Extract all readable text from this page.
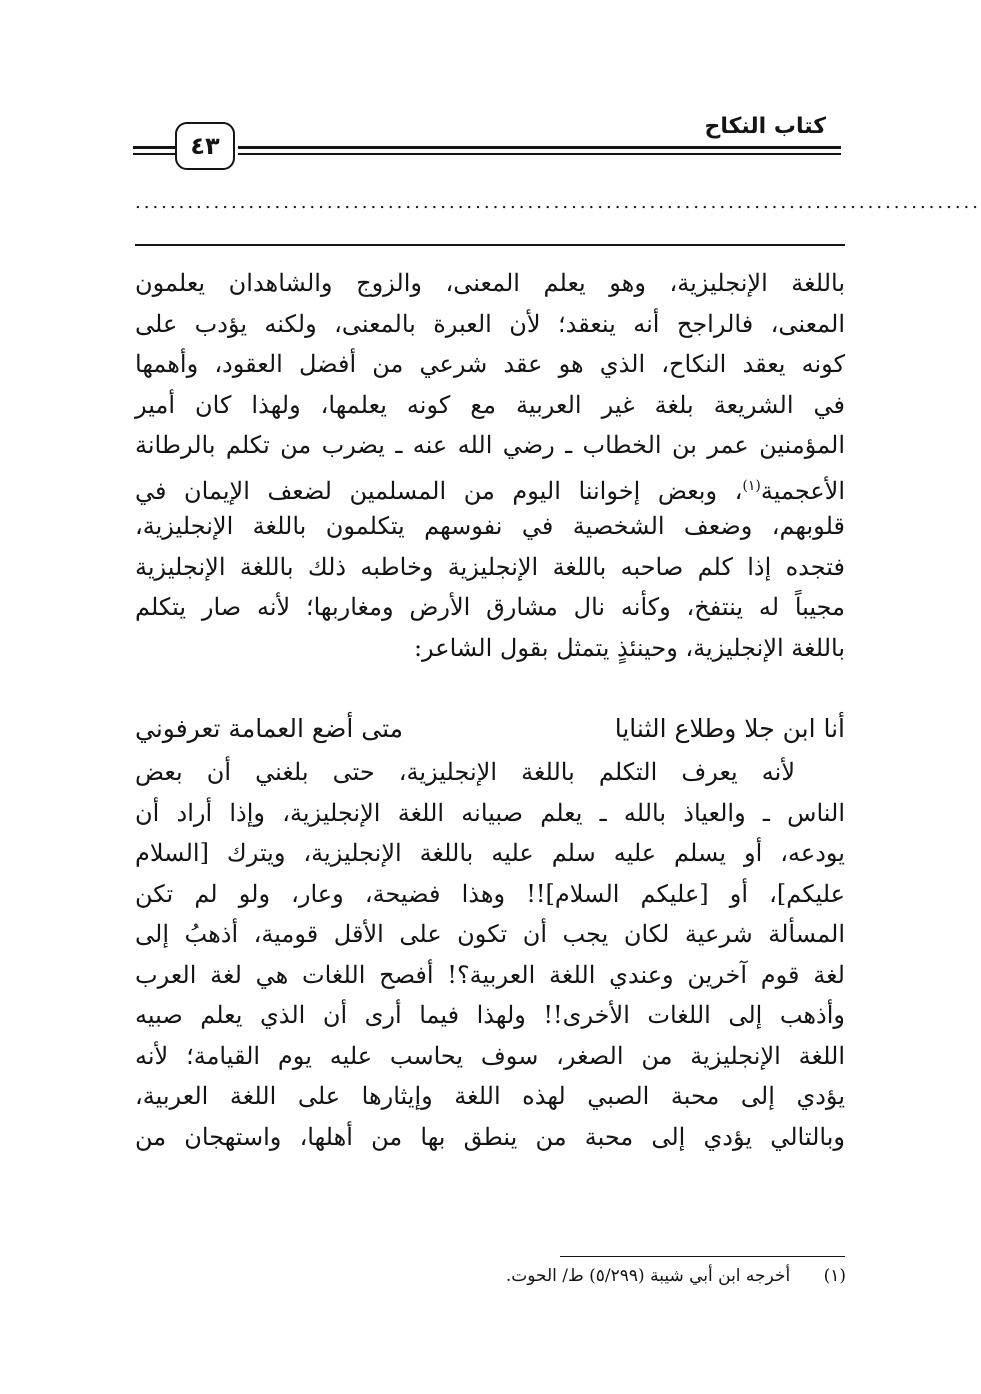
كتاب النكاح
٤٣
.................................................................................................
باللغة الإنجليزية، وهو يعلم المعنى، والزوج والشاهدان يعلمون
المعنى، فالراجح أنه ينعقد؛ لأن العبرة بالمعنى، ولكنه يؤدب على
كونه يعقد النكاح، الذي هو عقد شرعي من أفضل العقود، وأهمها
في الشريعة بلغة غير العربية مع كونه يعلمها، ولهذا كان أمير
المؤمنين عمر بن الخطاب ـ رضي الله عنه ـ يضرب من تكلم بالرطانة
الأعجمية$^{(١)}$، وبعض إخواننا اليوم من المسلمين لضعف الإيمان في
قلوبهم، وضعف الشخصية في نفوسهم يتكلمون باللغة الإنجليزية،
فتجده إذا كلم صاحبه باللغة الإنجليزية وخاطبه ذلك باللغة الإنجليزية
مجيباً له ينتفخ، وكأنه نال مشارق الأرض ومغاربها؛ لأنه صار يتكلم
باللغة الإنجليزية، وحينئذٍ يتمثل بقول الشاعر:
أنا ابن جلا وطلاع الثنايا
متى أضع العمامة تعرفوني
لأنه يعرف التكلم باللغة الإنجليزية، حتى بلغني أن بعض
الناس ـ والعياذ بالله ـ يعلم صبيانه اللغة الإنجليزية، وإذا أراد أن
يودعه، أو يسلم عليه سلم عليه باللغة الإنجليزية، ويترك [السلام
عليكم]، أو [عليكم السلام]!! وهذا فضيحة، وعار، ولو لم تكن
المسألة شرعية لكان يجب أن تكون على الأقل قومية، أذهبُ إلى
لغة قوم آخرين وعندي اللغة العربية؟! أفصح اللغات هي لغة العرب
وأذهب إلى اللغات الأخرى!! ولهذا فيما أرى أن الذي يعلم صبيه
اللغة الإنجليزية من الصغر، سوف يحاسب عليه يوم القيامة؛ لأنه
يؤدي إلى محبة الصبي لهذه اللغة وإيثارها على اللغة العربية،
وبالتالي يؤدي إلى محبة من ينطق بها من أهلها، واستهجان من
(١) أخرجه ابن أبي شيبة (٥/٢٩٩) ط/ الحوت.
